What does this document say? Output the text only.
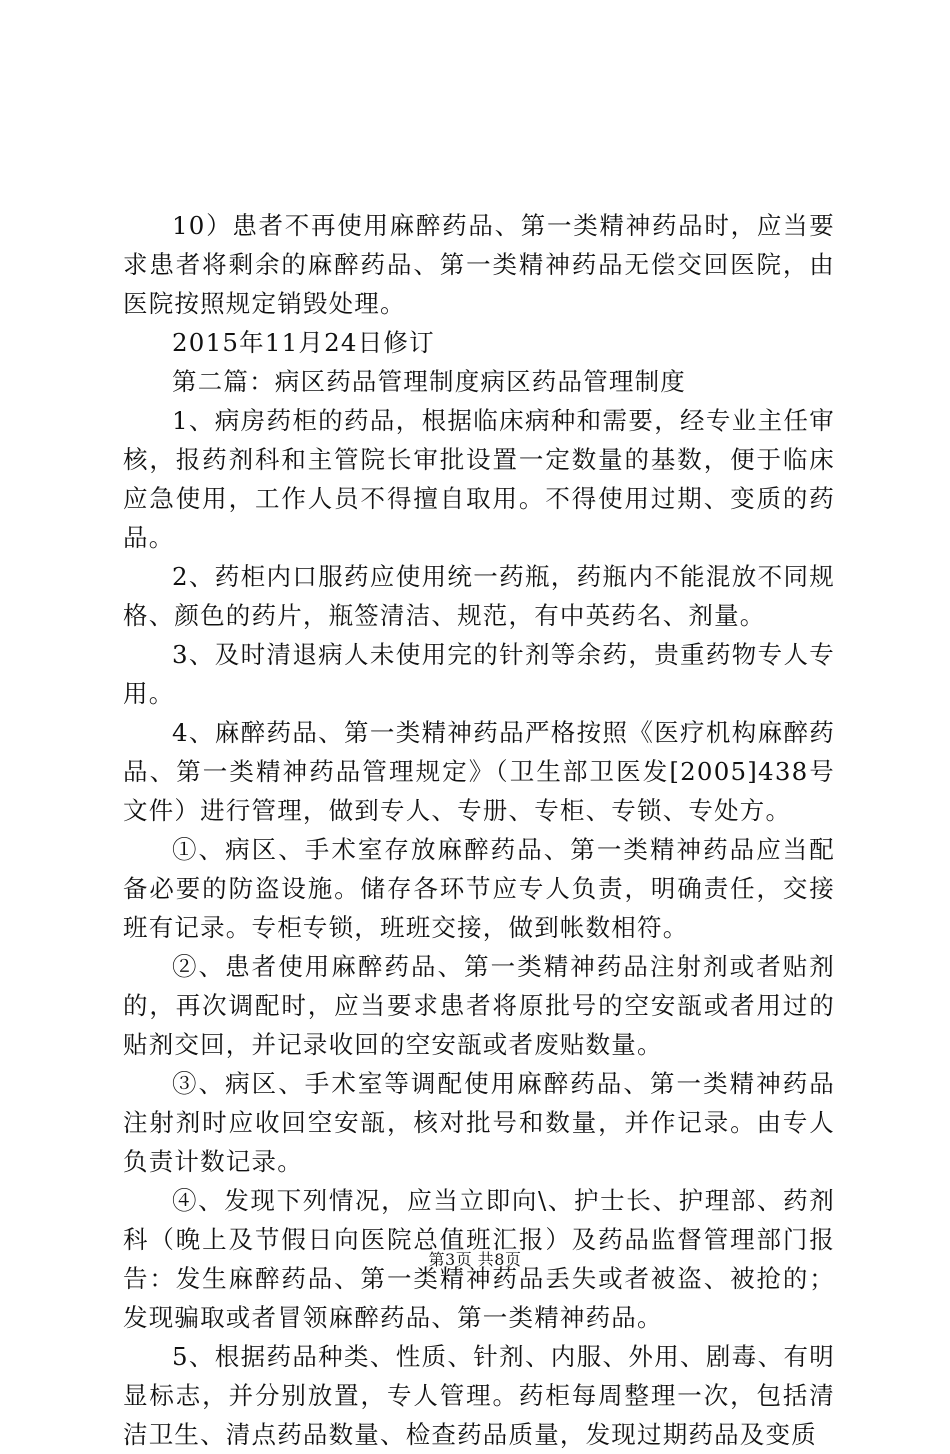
10）患者不再使用麻醉药品、第一类精神药品时，应当要求患者将剩余的麻醉药品、第一类精神药品无偿交回医院，由医院按照规定销毁处理。

2015年11月24日修订

第二篇：病区药品管理制度病区药品管理制度

1、病房药柜的药品，根据临床病种和需要，经专业主任审核，报药剂科和主管院长审批设置一定数量的基数，便于临床应急使用，工作人员不得擅自取用。不得使用过期、变质的药品。

2、药柜内口服药应使用统一药瓶，药瓶内不能混放不同规格、颜色的药片，瓶签清洁、规范，有中英药名、剂量。

3、及时清退病人未使用完的针剂等余药，贵重药物专人专用。

4、麻醉药品、第一类精神药品严格按照《医疗机构麻醉药品、第一类精神药品管理规定》（卫生部卫医发[2005]438号文件）进行管理，做到专人、专册、专柜、专锁、专处方。

①、病区、手术室存放麻醉药品、第一类精神药品应当配备必要的防盗设施。储存各环节应专人负责，明确责任，交接班有记录。专柜专锁，班班交接，做到帐数相符。

②、患者使用麻醉药品、第一类精神药品注射剂或者贴剂的，再次调配时，应当要求患者将原批号的空安瓿或者用过的贴剂交回，并记录收回的空安瓿或者废贴数量。

③、病区、手术室等调配使用麻醉药品、第一类精神药品注射剂时应收回空安瓿，核对批号和数量，并作记录。由专人负责计数记录。

④、发现下列情况，应当立即向\、护士长、护理部、药剂科（晚上及节假日向医院总值班汇报）及药品监督管理部门报告：发生麻醉药品、第一类精神药品丢失或者被盗、被抢的；发现骗取或者冒领麻醉药品、第一类精神药品。

5、根据药品种类、性质、针剂、内服、外用、剧毒、有明显标志，并分别放置，专人管理。药柜每周整理一次，包括清洁卫生、清点药品数量、检查药品质量，发现过期药品及变质

第3页 共8页
